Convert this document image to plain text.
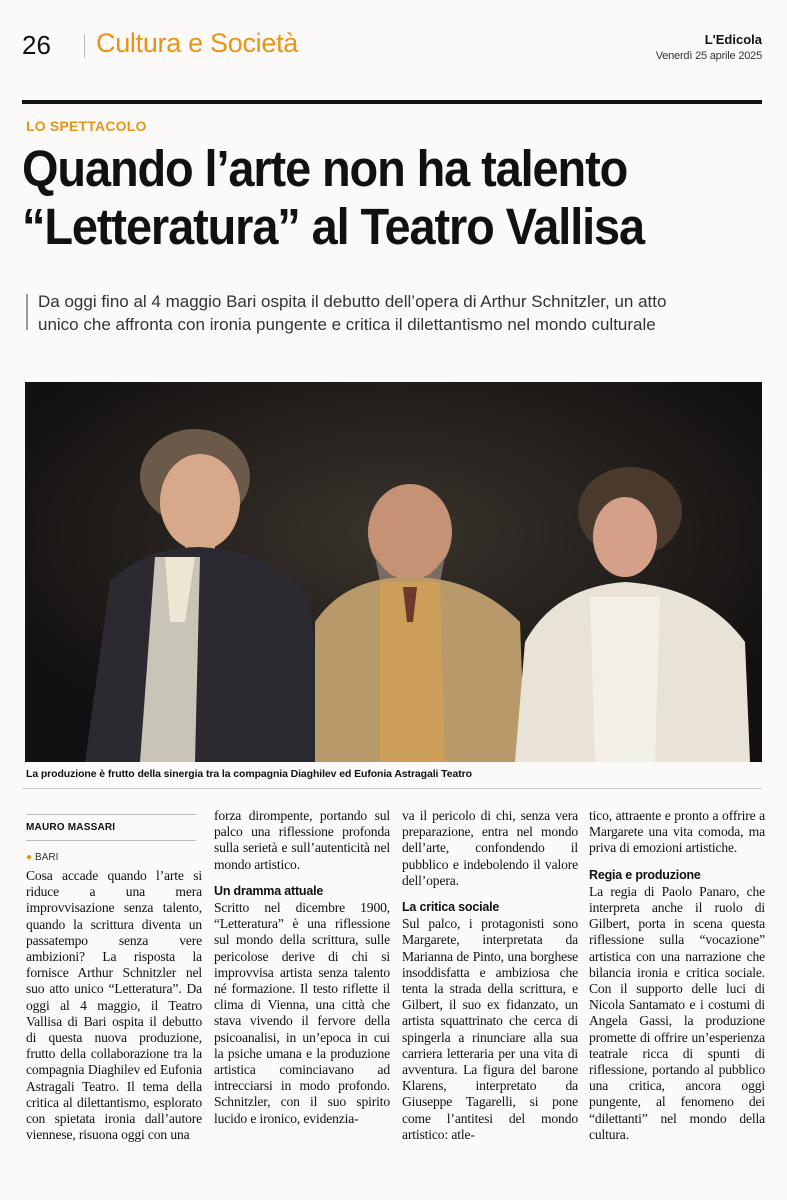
26 Cultura e Società	L'Edicola
Venerdì 25 aprile 2025
LO SPETTACOLO
Quando l’arte non ha talento
“Letteratura” al Teatro Vallisa
Da oggi fino al 4 maggio Bari ospita il debutto dell’opera di Arthur Schnitzler, un atto
unico che affronta con ironia pungente e critica il dilettantismo nel mondo culturale
La produzione è frutto della sinergia tra la compagnia Diaghilev ed Eufonia Astragali Teatro
MAURO MASSARI
● BARI

Cosa accade quando l’arte si riduce a una mera improvvisazione senza talento, quando la scrittura diventa un passatempo senza vere ambizioni? La risposta la fornisce Arthur Schnitzler nel suo atto unico “Letteratura”. Da oggi al 4 maggio, il Teatro Vallisa di Bari ospita il debutto di questa nuova produzione, frutto della collaborazione tra la compagnia Diaghilev ed Eufonia Astragali Teatro. Il tema della critica al dilettantismo, esplorato con spietata ironia dall’autore viennese, risuona oggi con una

forza dirompente, portando sul palco una riflessione profonda sulla serietà e sull’autenticità nel mondo artistico.

Un dramma attuale

Scritto nel dicembre 1900, “Letteratura” è una riflessione sul mondo della scrittura, sulle pericolose derive di chi si improvvisa artista senza talento né formazione. Il testo riflette il clima di Vienna, una città che stava vivendo il fervore della psicoanalisi, in un’epoca in cui la psiche umana e la produzione artistica cominciavano ad intrecciarsi in modo profondo. Schnitzler, con il suo spirito lucido e ironico, evidenzia-

va il pericolo di chi, senza vera preparazione, entra nel mondo dell’arte, confondendo il pubblico e indebolendo il valore dell’opera.

La critica sociale

Sul palco, i protagonisti sono Margarete, interpretata da Marianna de Pinto, una borghese insoddisfatta e ambiziosa che tenta la strada della scrittura, e Gilbert, il suo ex fidanzato, un artista squattrinato che cerca di spingerla a rinunciare alla sua carriera letteraria per una vita di avventura. La figura del barone Klarens, interpretato da Giuseppe Tagarelli, si pone come l’antitesi del mondo artistico: atle-

tico, attraente e pronto a offrire a Margarete una vita comoda, ma priva di emozioni artistiche.

Regia e produzione

La regia di Paolo Panaro, che interpreta anche il ruolo di Gilbert, porta in scena questa riflessione sulla “vocazione” artistica con una narrazione che bilancia ironia e critica sociale. Con il supporto delle luci di Nicola Santamato e i costumi di Angela Gassi, la produzione promette di offrire un’esperienza teatrale ricca di spunti di riflessione, portando al pubblico una critica, ancora oggi pungente, al fenomeno dei “dilettanti” nel mondo della cultura.
